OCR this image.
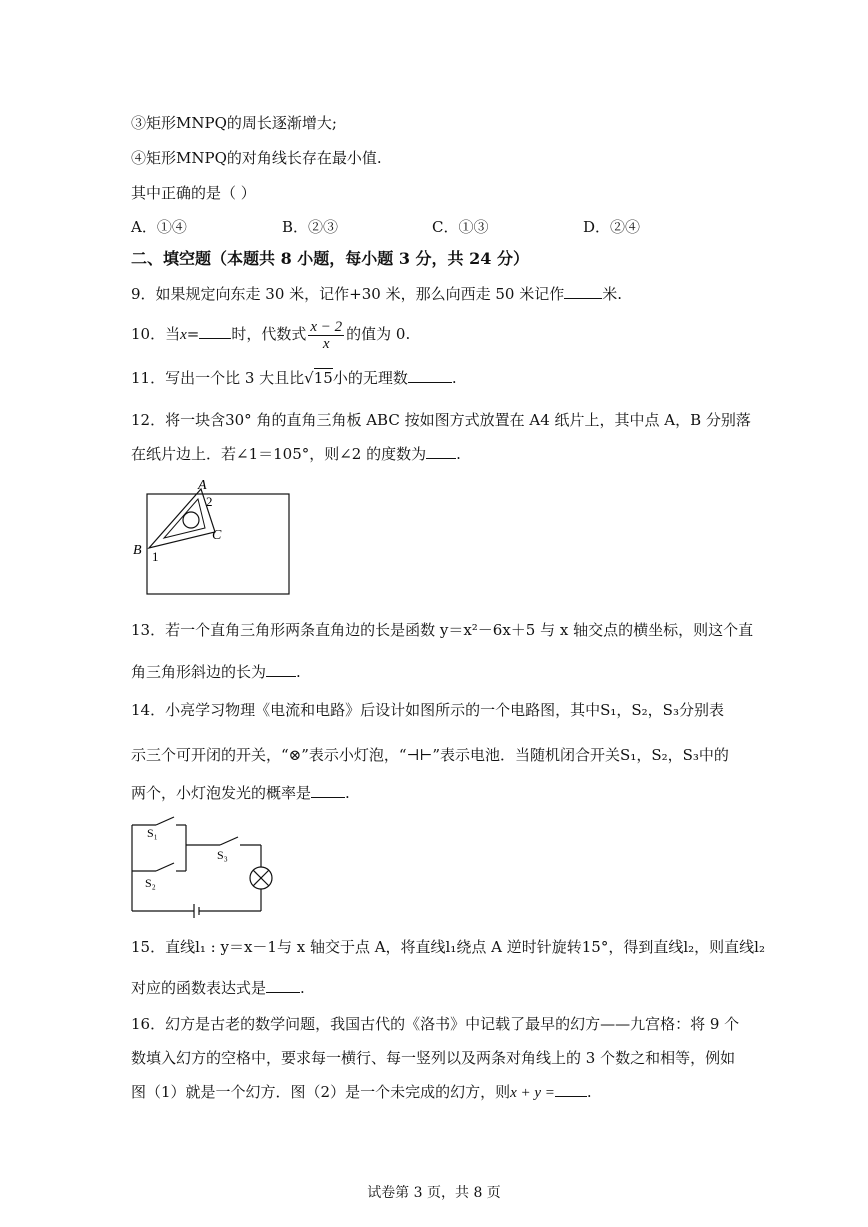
③矩形MNPQ的周长逐渐增大;
④矩形MNPQ的对角线长存在最小值.
其中正确的是（ ）
A．①④	B．②③	C．①③	D．②④
二、填空题（本题共 8 小题，每小题 3 分，共 24 分）
9．如果规定向东走 30 米，记作+30 米，那么向西走 50 米记作	米.
10．当x= 时，代数式 $\frac{x - 2}{x}$ 的值为 0.
11．写出一个比 3 大且比√15小的无理数	.
12．将一块含30° 角的直角三角板 ABC 按如图方式放置在 A4 纸片上，其中点 A，B 分别落
在纸片边上．若∠1＝105°，则∠2 的度数为 .
A
2
C
B 1
13．若一个直角三角形两条直角边的长是函数 y＝x²－6x＋5 与 x 轴交点的横坐标，则这个直
角三角形斜边的长为 .
14．小亮学习物理《电流和电路》后设计如图所示的一个电路图，其中S₁，S₂，S₃分别表
示三个可开闭的开关，“⊗”表示小灯泡，“⊣⊢”表示电池．当随机闭合开关S₁，S₂，S₃中的
两个，小灯泡发光的概率是 .
S₁
S₂
S₃
15．直线l₁ : y＝x－1与 x 轴交于点 A，将直线l₁绕点 A 逆时针旋转15°，得到直线l₂，则直线l₂
对应的函数表达式是 .
16．幻方是古老的数学问题，我国古代的《洛书》中记载了最早的幻方——九宫格：将 9 个
数填入幻方的空格中，要求每一横行、每一竖列以及两条对角线上的 3 个数之和相等，例如
图（1）就是一个幻方．图（2）是一个未完成的幻方，则x + y = .
试卷第 3 页，共 8 页
